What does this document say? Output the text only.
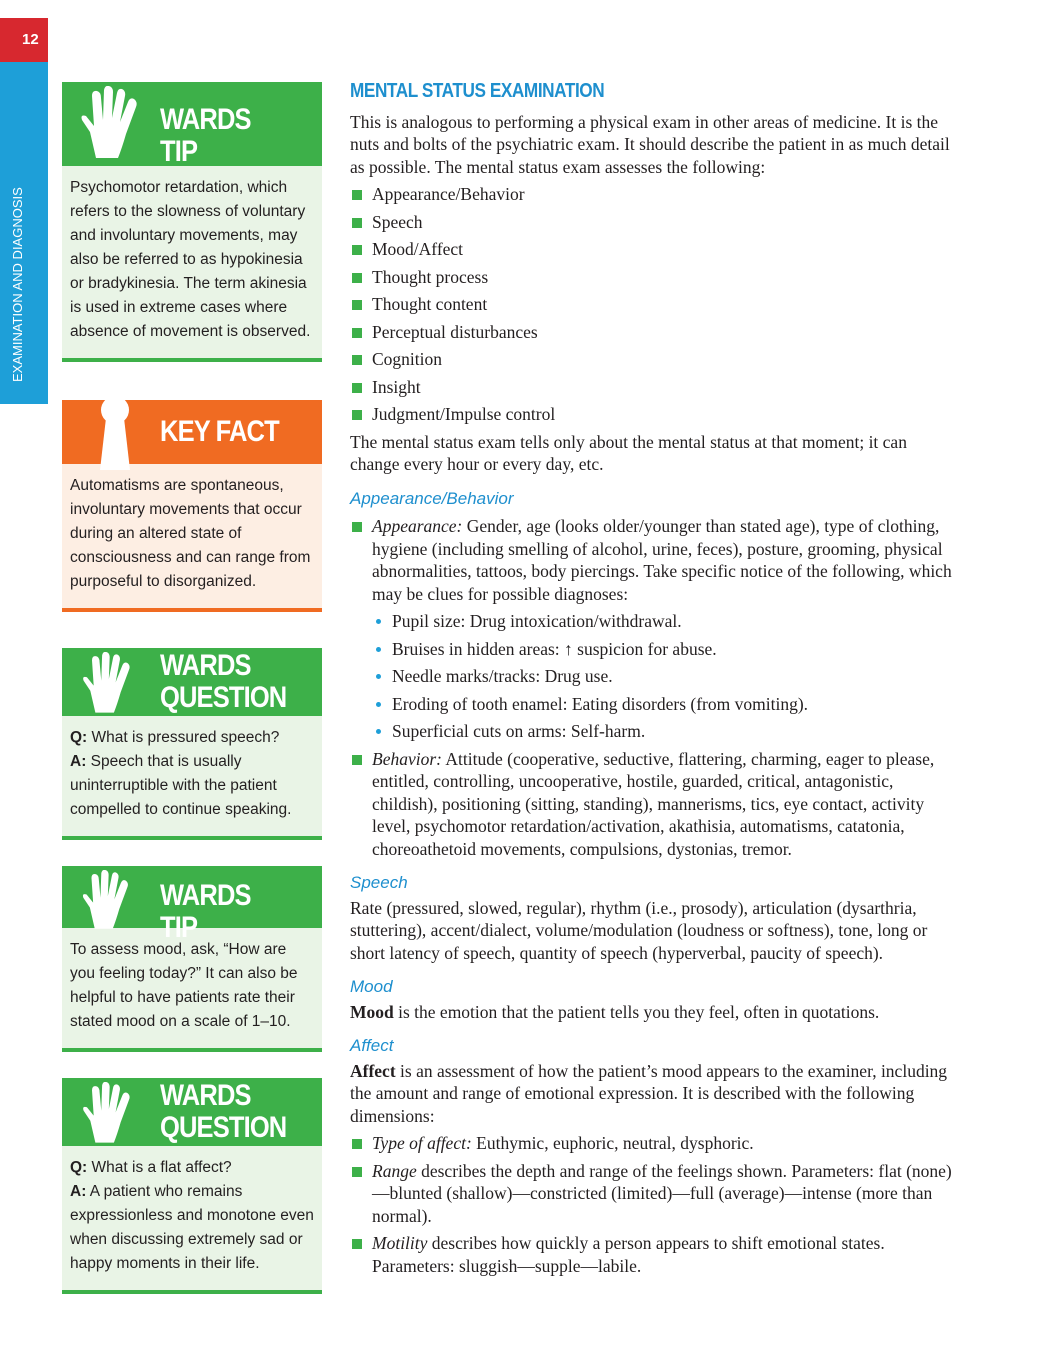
12
EXAMINATION AND DIAGNOSIS
WARDS TIP
Psychomotor retardation, which refers to the slowness of voluntary and involuntary movements, may also be referred to as hypokinesia or bradykinesia. The term akinesia is used in extreme cases where absence of movement is observed.
KEY FACT
Automatisms are spontaneous, involuntary movements that occur during an altered state of consciousness and can range from purposeful to disorganized.
WARDS
QUESTION
Q: What is pressured speech?
A: Speech that is usually uninterruptible with the patient compelled to continue speaking.
WARDS TIP
To assess mood, ask, “How are you feeling today?” It can also be helpful to have patients rate their stated mood on a scale of 1–10.
WARDS
QUESTION
Q: What is a flat affect?
A: A patient who remains expressionless and monotone even when discussing extremely sad or happy moments in their life.
MENTAL STATUS EXAMINATION

This is analogous to performing a physical exam in other areas of medicine. It is the nuts and bolts of the psychiatric exam. It should describe the patient in as much detail as possible. The mental status exam assesses the following:

Appearance/Behavior
Speech
Mood/Affect
Thought process
Thought content
Perceptual disturbances
Cognition
Insight
Judgment/Impulse control

The mental status exam tells only about the mental status at that moment; it can change every hour or every day, etc.

Appearance/Behavior
Appearance: Gender, age (looks older/younger than stated age), type of clothing, hygiene (including smelling of alcohol, urine, feces), posture, grooming, physical abnormalities, tattoos, body piercings. Take specific notice of the following, which may be clues for possible diagnoses:
Pupil size: Drug intoxication/withdrawal.
Bruises in hidden areas: ↑ suspicion for abuse.
Needle marks/tracks: Drug use.
Eroding of tooth enamel: Eating disorders (from vomiting).
Superficial cuts on arms: Self-harm.
Behavior: Attitude (cooperative, seductive, flattering, charming, eager to please, entitled, controlling, uncooperative, hostile, guarded, critical, antagonistic, childish), positioning (sitting, standing), mannerisms, tics, eye contact, activity level, psychomotor retardation/activation, akathisia, automatisms, catatonia, choreoathetoid movements, compulsions, dystonias, tremor.
Speech

Rate (pressured, slowed, regular), rhythm (i.e., prosody), articulation (dysarthria, stuttering), accent/dialect, volume/modulation (loudness or softness), tone, long or short latency of speech, quantity of speech (hyperverbal, paucity of speech).

Mood

Mood is the emotion that the patient tells you they feel, often in quotations.

Affect

Affect is an assessment of how the patient’s mood appears to the examiner, including the amount and range of emotional expression. It is described with the following dimensions:

Type of affect: Euthymic, euphoric, neutral, dysphoric.
Range describes the depth and range of the feelings shown. Parameters: flat (none)—blunted (shallow)—constricted (limited)—full (average)—intense (more than normal).
Motility describes how quickly a person appears to shift emotional states. Parameters: sluggish—supple—labile.
